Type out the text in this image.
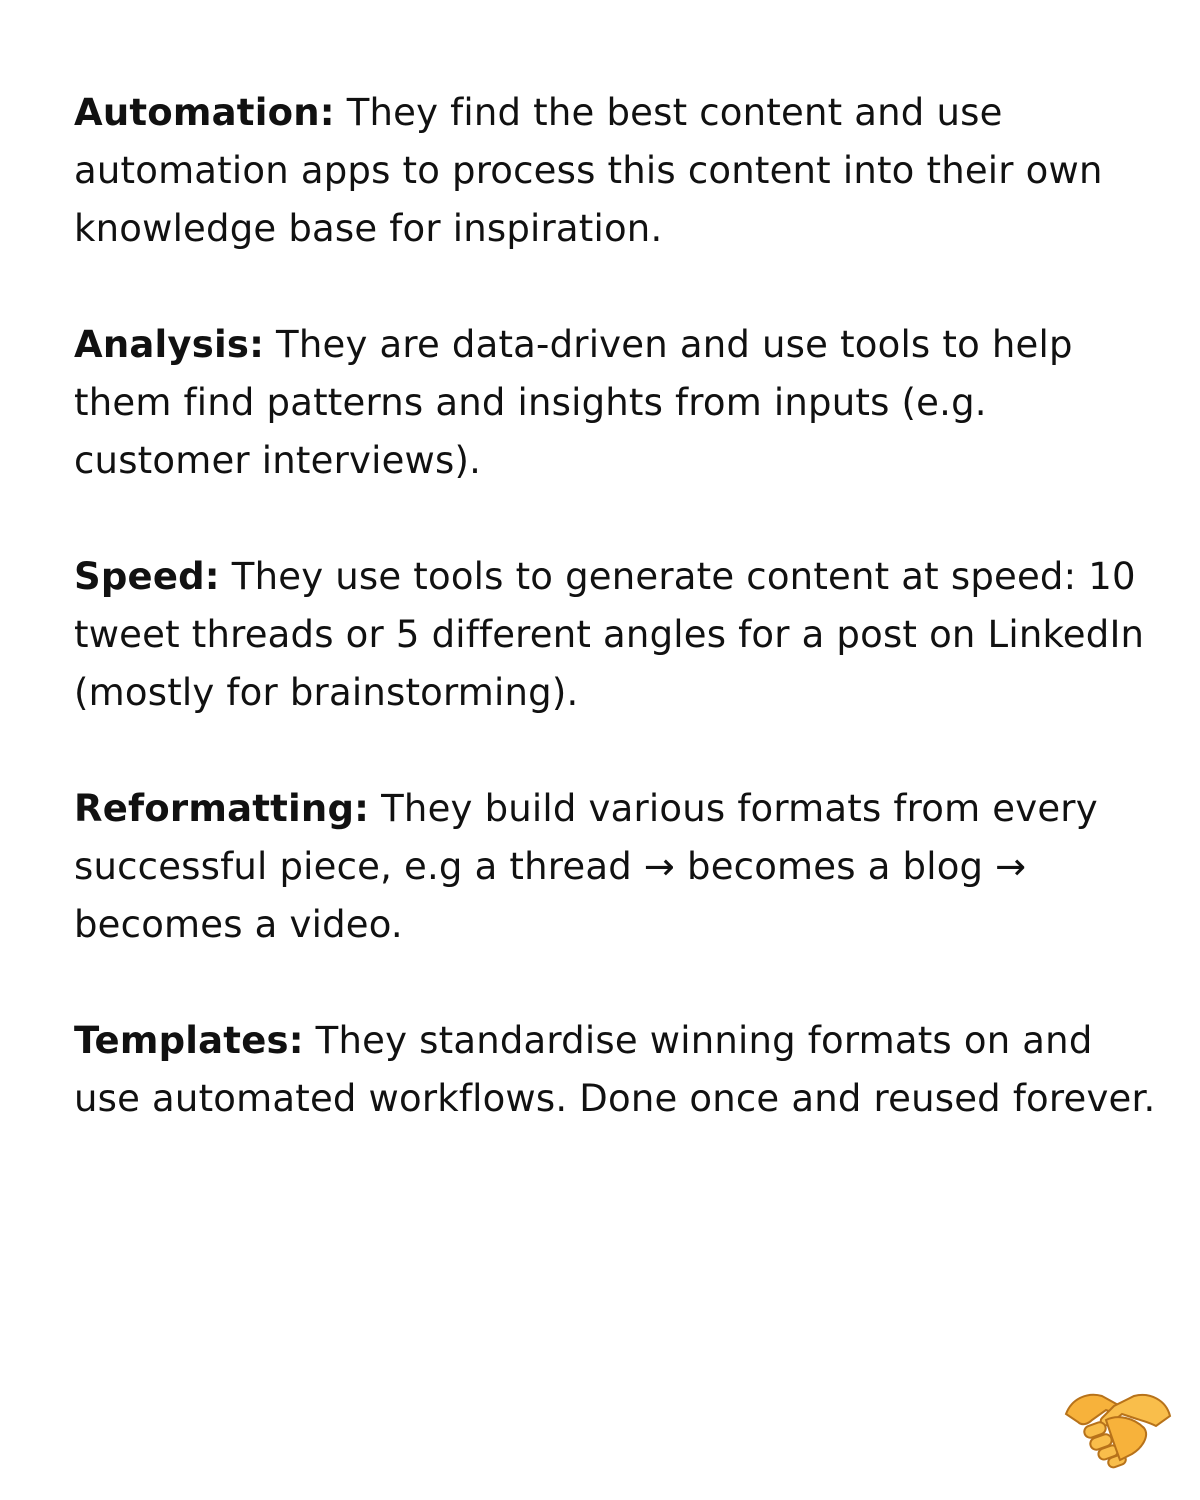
Automation: They find the best content and use automation apps to process this content into their own knowledge base for inspiration.

Analysis: They are data-driven and use tools to help them find patterns and insights from inputs (e.g. customer interviews).

Speed: They use tools to generate content at speed: 10 tweet threads or 5 different angles for a post on LinkedIn (mostly for brainstorming).

Reformatting: They build various formats from every successful piece, e.g a thread → becomes a blog → becomes a video.

Templates: They standardise winning formats on and use automated workflows. Done once and reused forever.
